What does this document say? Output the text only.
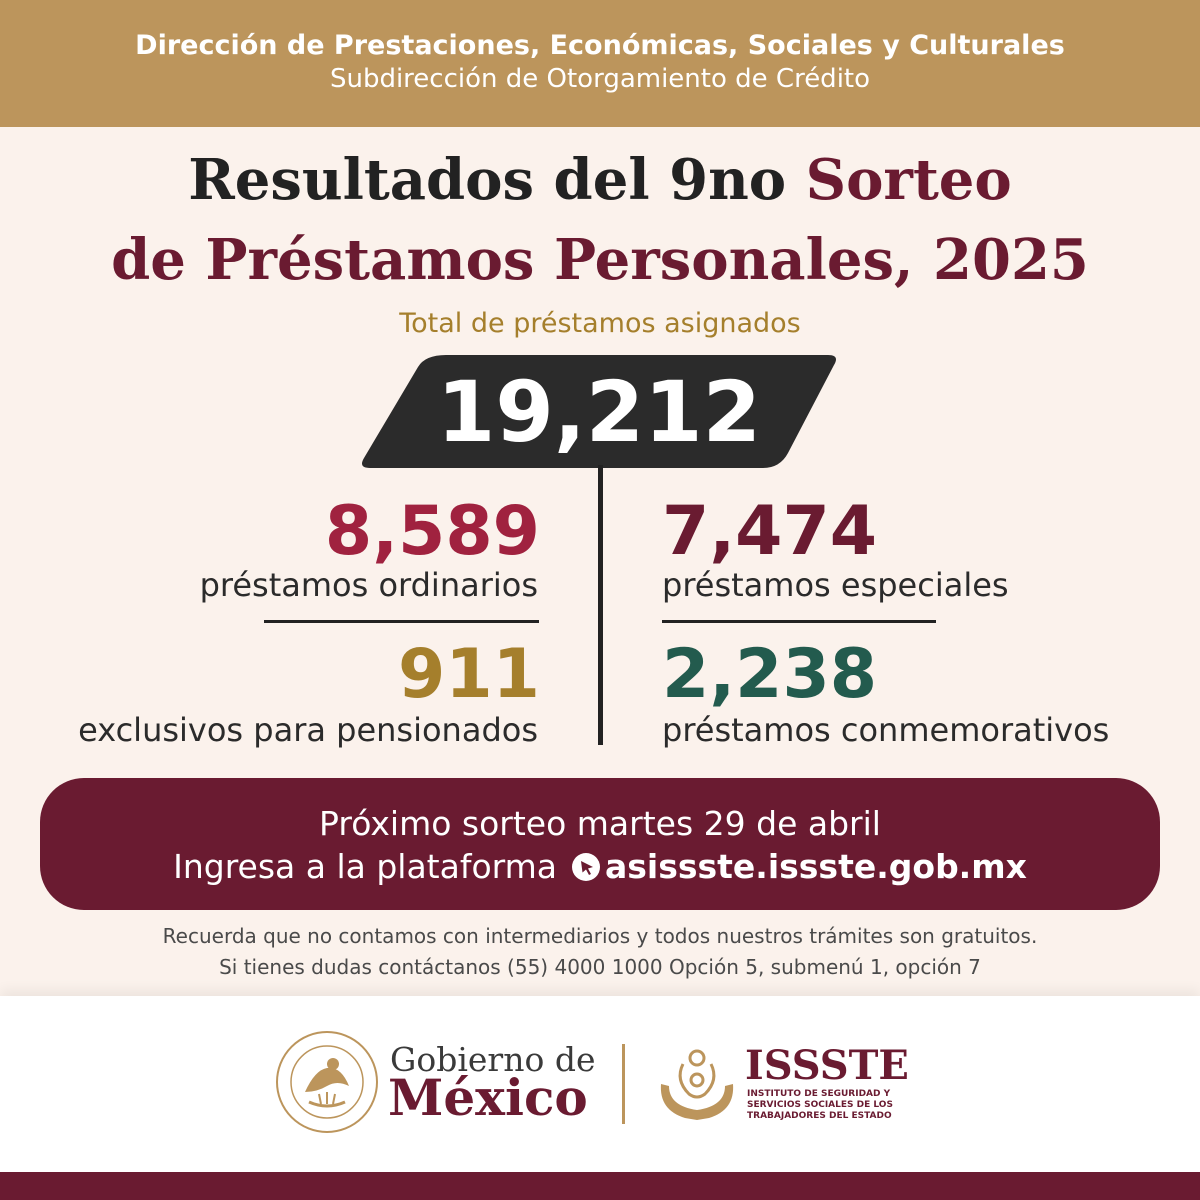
Dirección de Prestaciones, Económicas, Sociales y Culturales
Subdirección de Otorgamiento de Crédito
Resultados del 9no Sorteo
de Préstamos Personales, 2025
Total de préstamos asignados
19,212
8,589
préstamos ordinarios
911
exclusivos para pensionados
7,474
préstamos especiales
2,238
préstamos conmemorativos
Próximo sorteo martes 29 de abril
Ingresa a la plataforma asissste.issste.gob.mx
Recuerda que no contamos con intermediarios y todos nuestros trámites son gratuitos.
Si tienes dudas contáctanos (55) 4000 1000 Opción 5, submenú 1, opción 7
Gobierno de
México
ISSSTE
INSTITUTO DE SEGURIDAD Y SERVICIOS SOCIALES DE LOS TRABAJADORES DEL ESTADO
